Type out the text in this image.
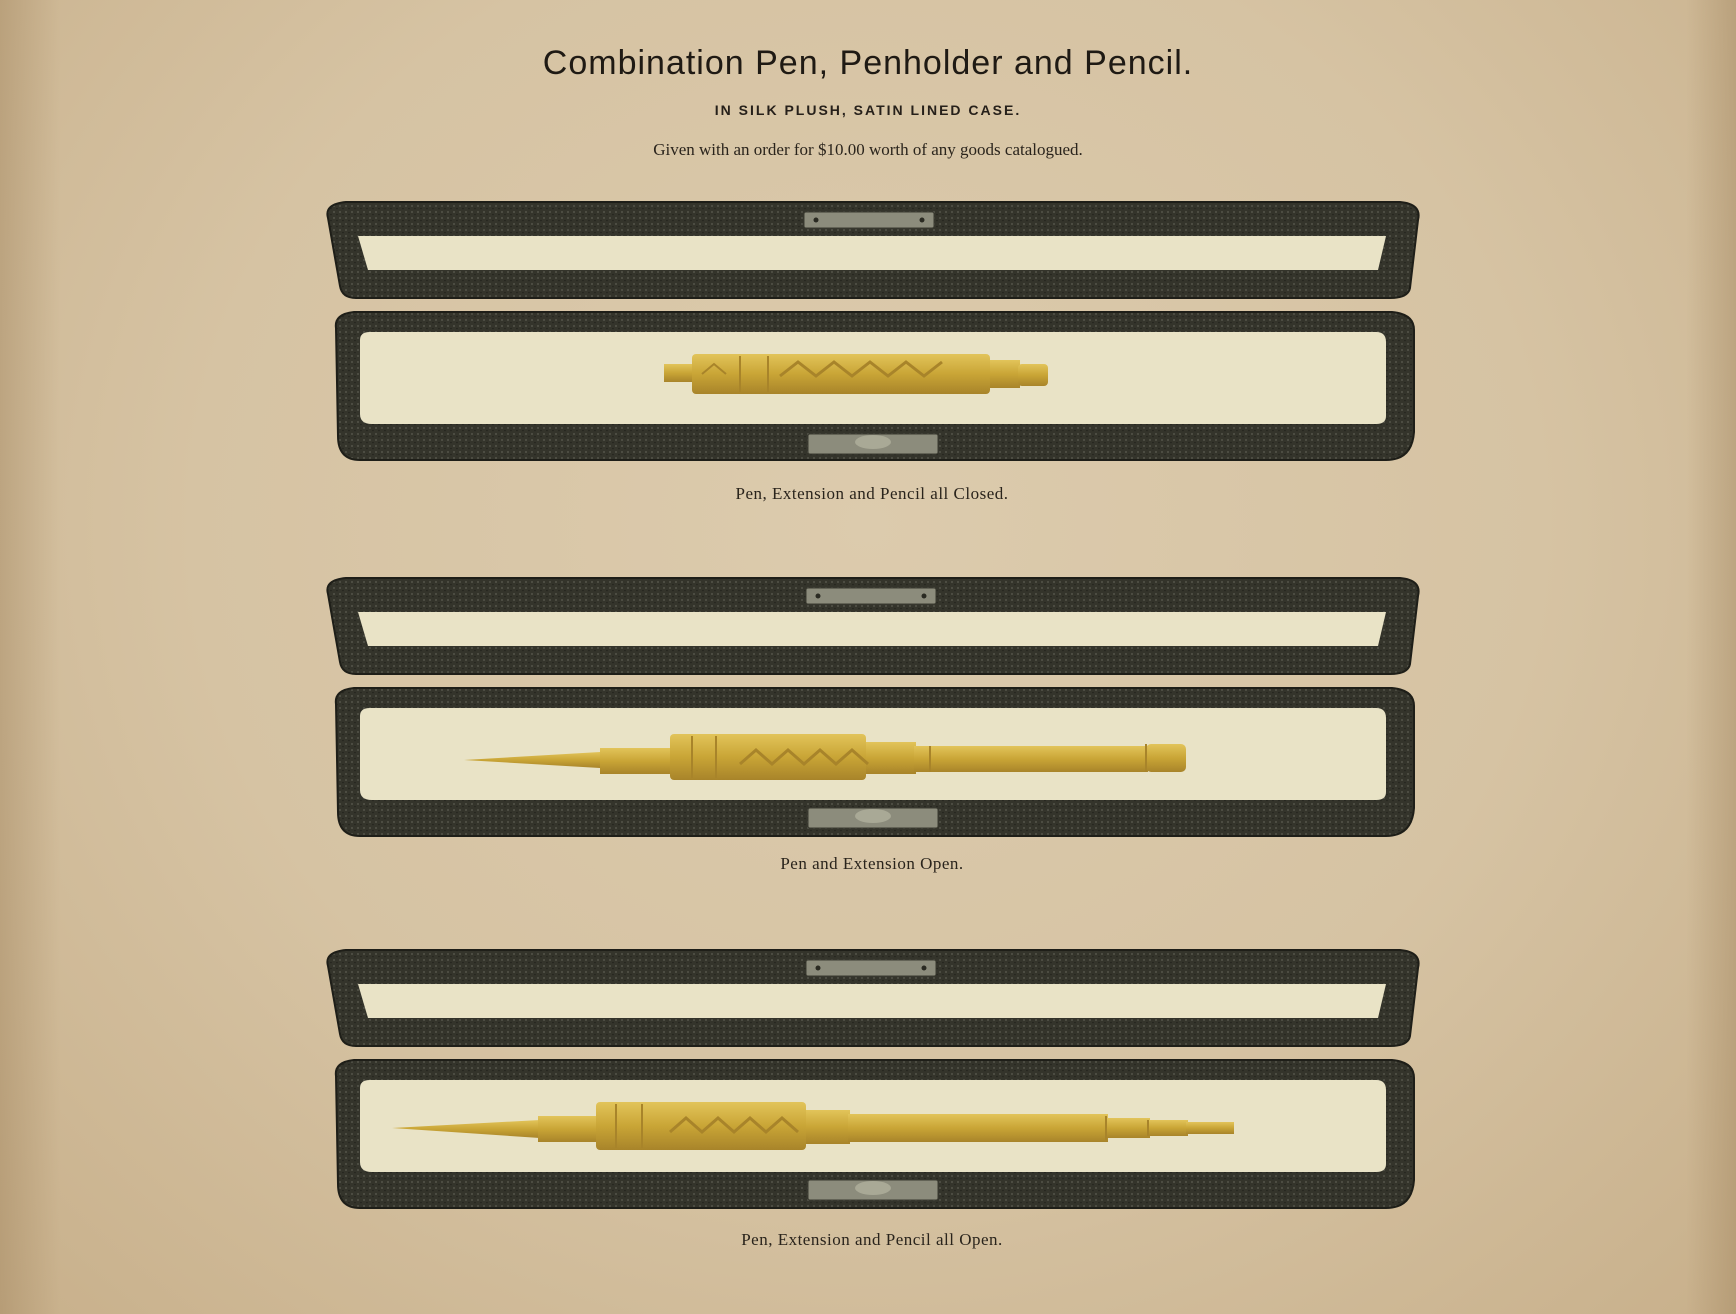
Combination Pen, Penholder and Pencil.
IN SILK PLUSH, SATIN LINED CASE.
Given with an order for $10.00 worth of any goods catalogued.
Pen, Extension and Pencil all Closed.
Pen and Extension Open.
Pen, Extension and Pencil all Open.
